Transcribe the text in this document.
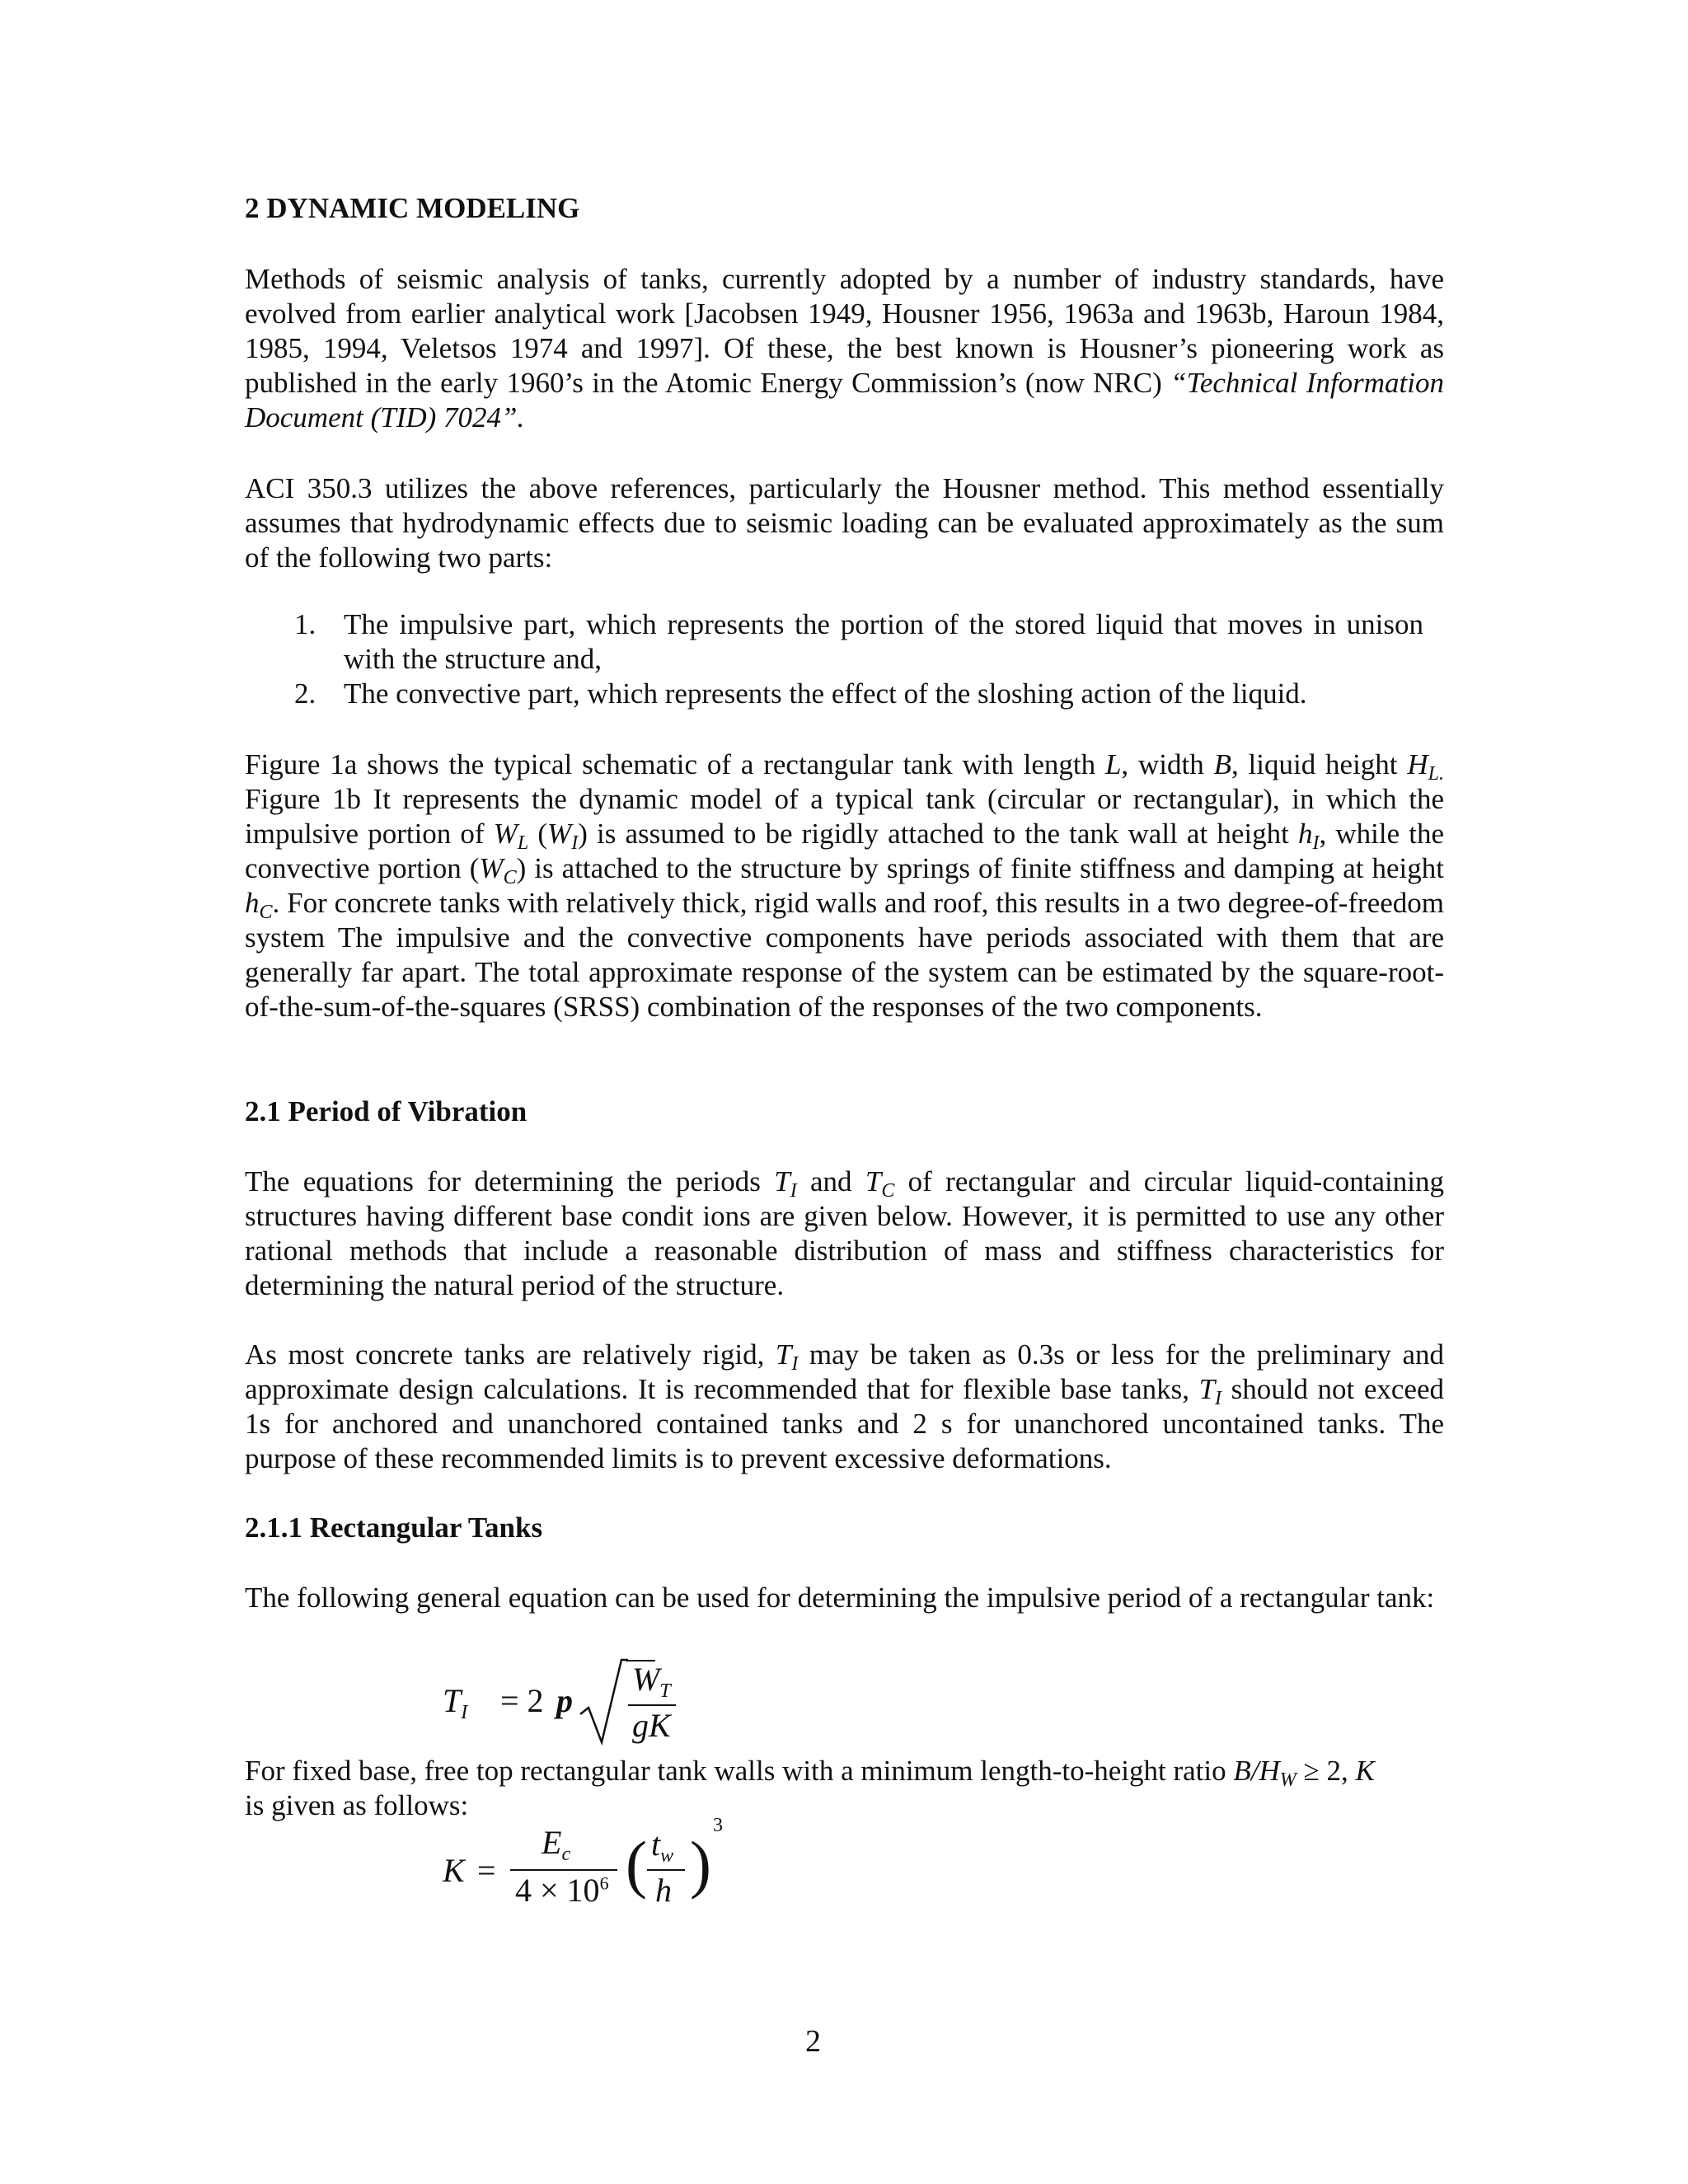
2 DYNAMIC MODELING
Methods of seismic analysis of tanks, currently adopted by a number of industry standards, have evolved from earlier analytical work [Jacobsen 1949, Housner 1956, 1963a and 1963b, Haroun 1984, 1985, 1994, Veletsos 1974 and 1997]. Of these, the best known is Housner’s pioneering work as published in the early 1960’s in the Atomic Energy Commission’s (now NRC) “Technical Information Document (TID) 7024”.
ACI 350.3 utilizes the above references, particularly the Housner method. This method essentially assumes that hydrodynamic effects due to seismic loading can be evaluated approximately as the sum of the following two parts:
1. The impulsive part, which represents the portion of the stored liquid that moves in unison with the structure and,
2. The convective part, which represents the effect of the sloshing action of the liquid.
Figure 1a shows the typical schematic of a rectangular tank with length L, width B, liquid height $H_{L.}$ Figure 1b It represents the dynamic model of a typical tank (circular or rectangular), in which the impulsive portion of $W_L$ $(W_I)$ is assumed to be rigidly attached to the tank wall at height $h_I$, while the convective portion $(W_C)$ is attached to the structure by springs of finite stiffness and damping at height $h_C$. For concrete tanks with relatively thick, rigid walls and roof, this results in a two degree-of-freedom system The impulsive and the convective components have periods associated with them that are generally far apart. The total approximate response of the system can be estimated by the square-root-of-the-sum-of-the-squares (SRSS) combination of the responses of the two components.
2.1 Period of Vibration
The equations for determining the periods $T_I$ and $T_C$ of rectangular and circular liquid-containing structures having different base condit ions are given below. However, it is permitted to use any other rational methods that include a reasonable distribution of mass and stiffness characteristics for determining the natural period of the structure.
As most concrete tanks are relatively rigid, $T_I$ may be taken as 0.3s or less for the preliminary and approximate design calculations. It is recommended that for flexible base tanks, $T_I$ should not exceed 1s for anchored and unanchored contained tanks and 2 s for unanchored uncontained tanks. The purpose of these recommended limits is to prevent excessive deformations.
2.1.1 Rectangular Tanks
The following general equation can be used for determining the impulsive period of a rectangular tank:
$T_I = 2$ p
$W_T$
gK
For fixed base, free top rectangular tank walls with a minimum length-to-height ratio $B/H_W \ge 2$, K
is given as follows:
K =
$E_c$
$4 \times 10^6$ ( $t_w$
h )
3
2
